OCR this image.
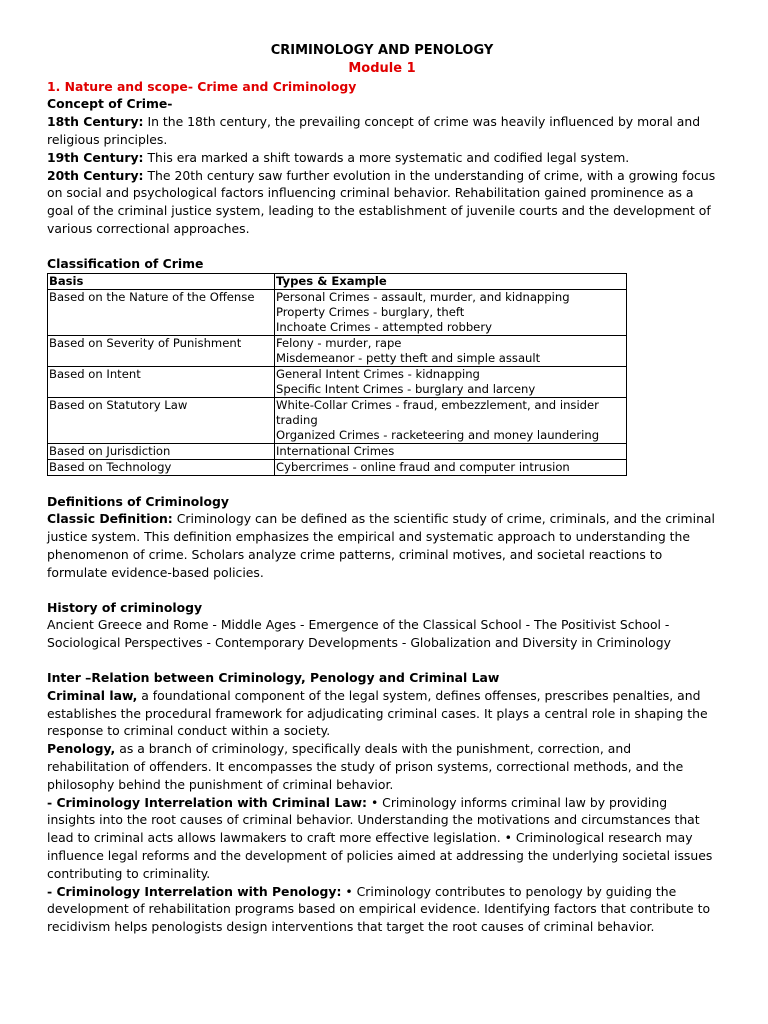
CRIMINOLOGY AND PENOLOGY

Module 1

1. Nature and scope- Crime and Criminology

Concept of Crime-

18th Century: In the 18th century, the prevailing concept of crime was heavily influenced by moral and religious principles.

19th Century: This era marked a shift towards a more systematic and codified legal system.

20th Century: The 20th century saw further evolution in the understanding of crime, with a growing focus on social and psychological factors influencing criminal behavior. Rehabilitation gained prominence as a goal of the criminal justice system, leading to the establishment of juvenile courts and the development of various correctional approaches.

Classification of Crime

Basis	Types & Example
Based on the Nature of the Offense	Personal Crimes - assault, murder, and kidnapping
Property Crimes - burglary, theft
Inchoate Crimes - attempted robbery

Based on Severity of Punishment	Felony - murder, rape
Misdemeanor - petty theft and simple assault

Based on Intent	General Intent Crimes - kidnapping
Specific Intent Crimes - burglary and larceny

Based on Statutory Law	White-Collar Crimes - fraud, embezzlement, and insider trading
Organized Crimes - racketeering and money laundering

Based on Jurisdiction	International Crimes

Based on Technology	Cybercrimes - online fraud and computer intrusion

Definitions of Criminology

Classic Definition: Criminology can be defined as the scientific study of crime, criminals, and the criminal justice system. This definition emphasizes the empirical and systematic approach to understanding the phenomenon of crime. Scholars analyze crime patterns, criminal motives, and societal reactions to formulate evidence-based policies.

History of criminology

Ancient Greece and Rome - Middle Ages - Emergence of the Classical School - The Positivist School - Sociological Perspectives - Contemporary Developments - Globalization and Diversity in Criminology

Inter –Relation between Criminology, Penology and Criminal Law

Criminal law, a foundational component of the legal system, defines offenses, prescribes penalties, and establishes the procedural framework for adjudicating criminal cases. It plays a central role in shaping the response to criminal conduct within a society.

Penology, as a branch of criminology, specifically deals with the punishment, correction, and rehabilitation of offenders. It encompasses the study of prison systems, correctional methods, and the philosophy behind the punishment of criminal behavior.

- Criminology Interrelation with Criminal Law: • Criminology informs criminal law by providing insights into the root causes of criminal behavior. Understanding the motivations and circumstances that lead to criminal acts allows lawmakers to craft more effective legislation. • Criminological research may influence legal reforms and the development of policies aimed at addressing the underlying societal issues contributing to criminality.

- Criminology Interrelation with Penology: • Criminology contributes to penology by guiding the development of rehabilitation programs based on empirical evidence. Identifying factors that contribute to recidivism helps penologists design interventions that target the root causes of criminal behavior.
